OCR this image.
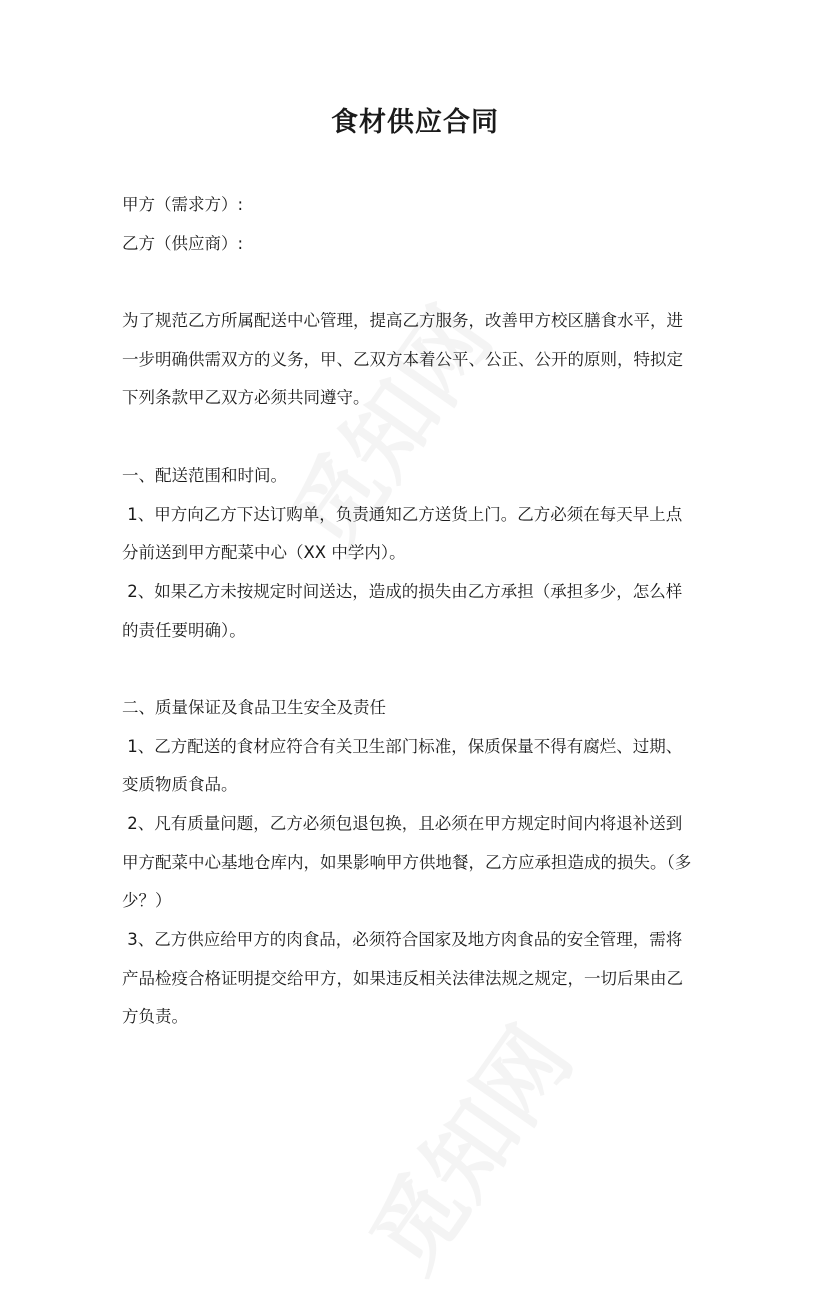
食材供应合同
甲方（需求方）:
乙方（供应商）:
为了规范乙方所属配送中心管理，提高乙方服务，改善甲方校区膳食水平，进
一步明确供需双方的义务，甲、乙双方本着公平、公正、公开的原则，特拟定
下列条款甲乙双方必须共同遵守。
一、配送范围和时间。
1、甲方向乙方下达订购单，负责通知乙方送货上门。乙方必须在每天早上点
分前送到甲方配菜中心（XX 中学内）。
2、如果乙方未按规定时间送达，造成的损失由乙方承担（承担多少，怎么样
的责任要明确）。
二、质量保证及食品卫生安全及责任
1、乙方配送的食材应符合有关卫生部门标准，保质保量不得有腐烂、过期、
变质物质食品。
2、凡有质量问题，乙方必须包退包换，且必须在甲方规定时间内将退补送到
甲方配菜中心基地仓库内，如果影响甲方供地餐，乙方应承担造成的损失。（多
少？）
3、乙方供应给甲方的肉食品，必须符合国家及地方肉食品的安全管理，需将
产品检疫合格证明提交给甲方，如果违反相关法律法规之规定，一切后果由乙
方负责。
